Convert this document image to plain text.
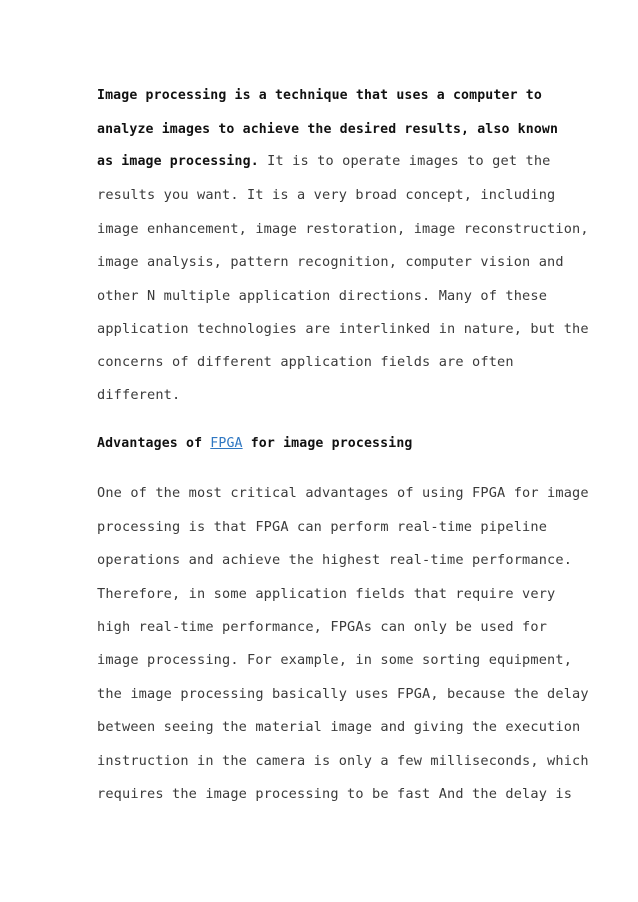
Image processing is a technique that uses a computer to
analyze images to achieve the desired results, also known
as image processing. It is to operate images to get the
results you want. It is a very broad concept, including
image enhancement, image restoration, image reconstruction,
image analysis, pattern recognition, computer vision and
other N multiple application directions. Many of these
application technologies are interlinked in nature, but the
concerns of different application fields are often
different.
Advantages of FPGA for image processing
One of the most critical advantages of using FPGA for image
processing is that FPGA can perform real-time pipeline
operations and achieve the highest real-time performance.
Therefore, in some application fields that require very
high real-time performance, FPGAs can only be used for
image processing. For example, in some sorting equipment,
the image processing basically uses FPGA, because the delay
between seeing the material image and giving the execution
instruction in the camera is only a few milliseconds, which
requires the image processing to be fast And the delay is
